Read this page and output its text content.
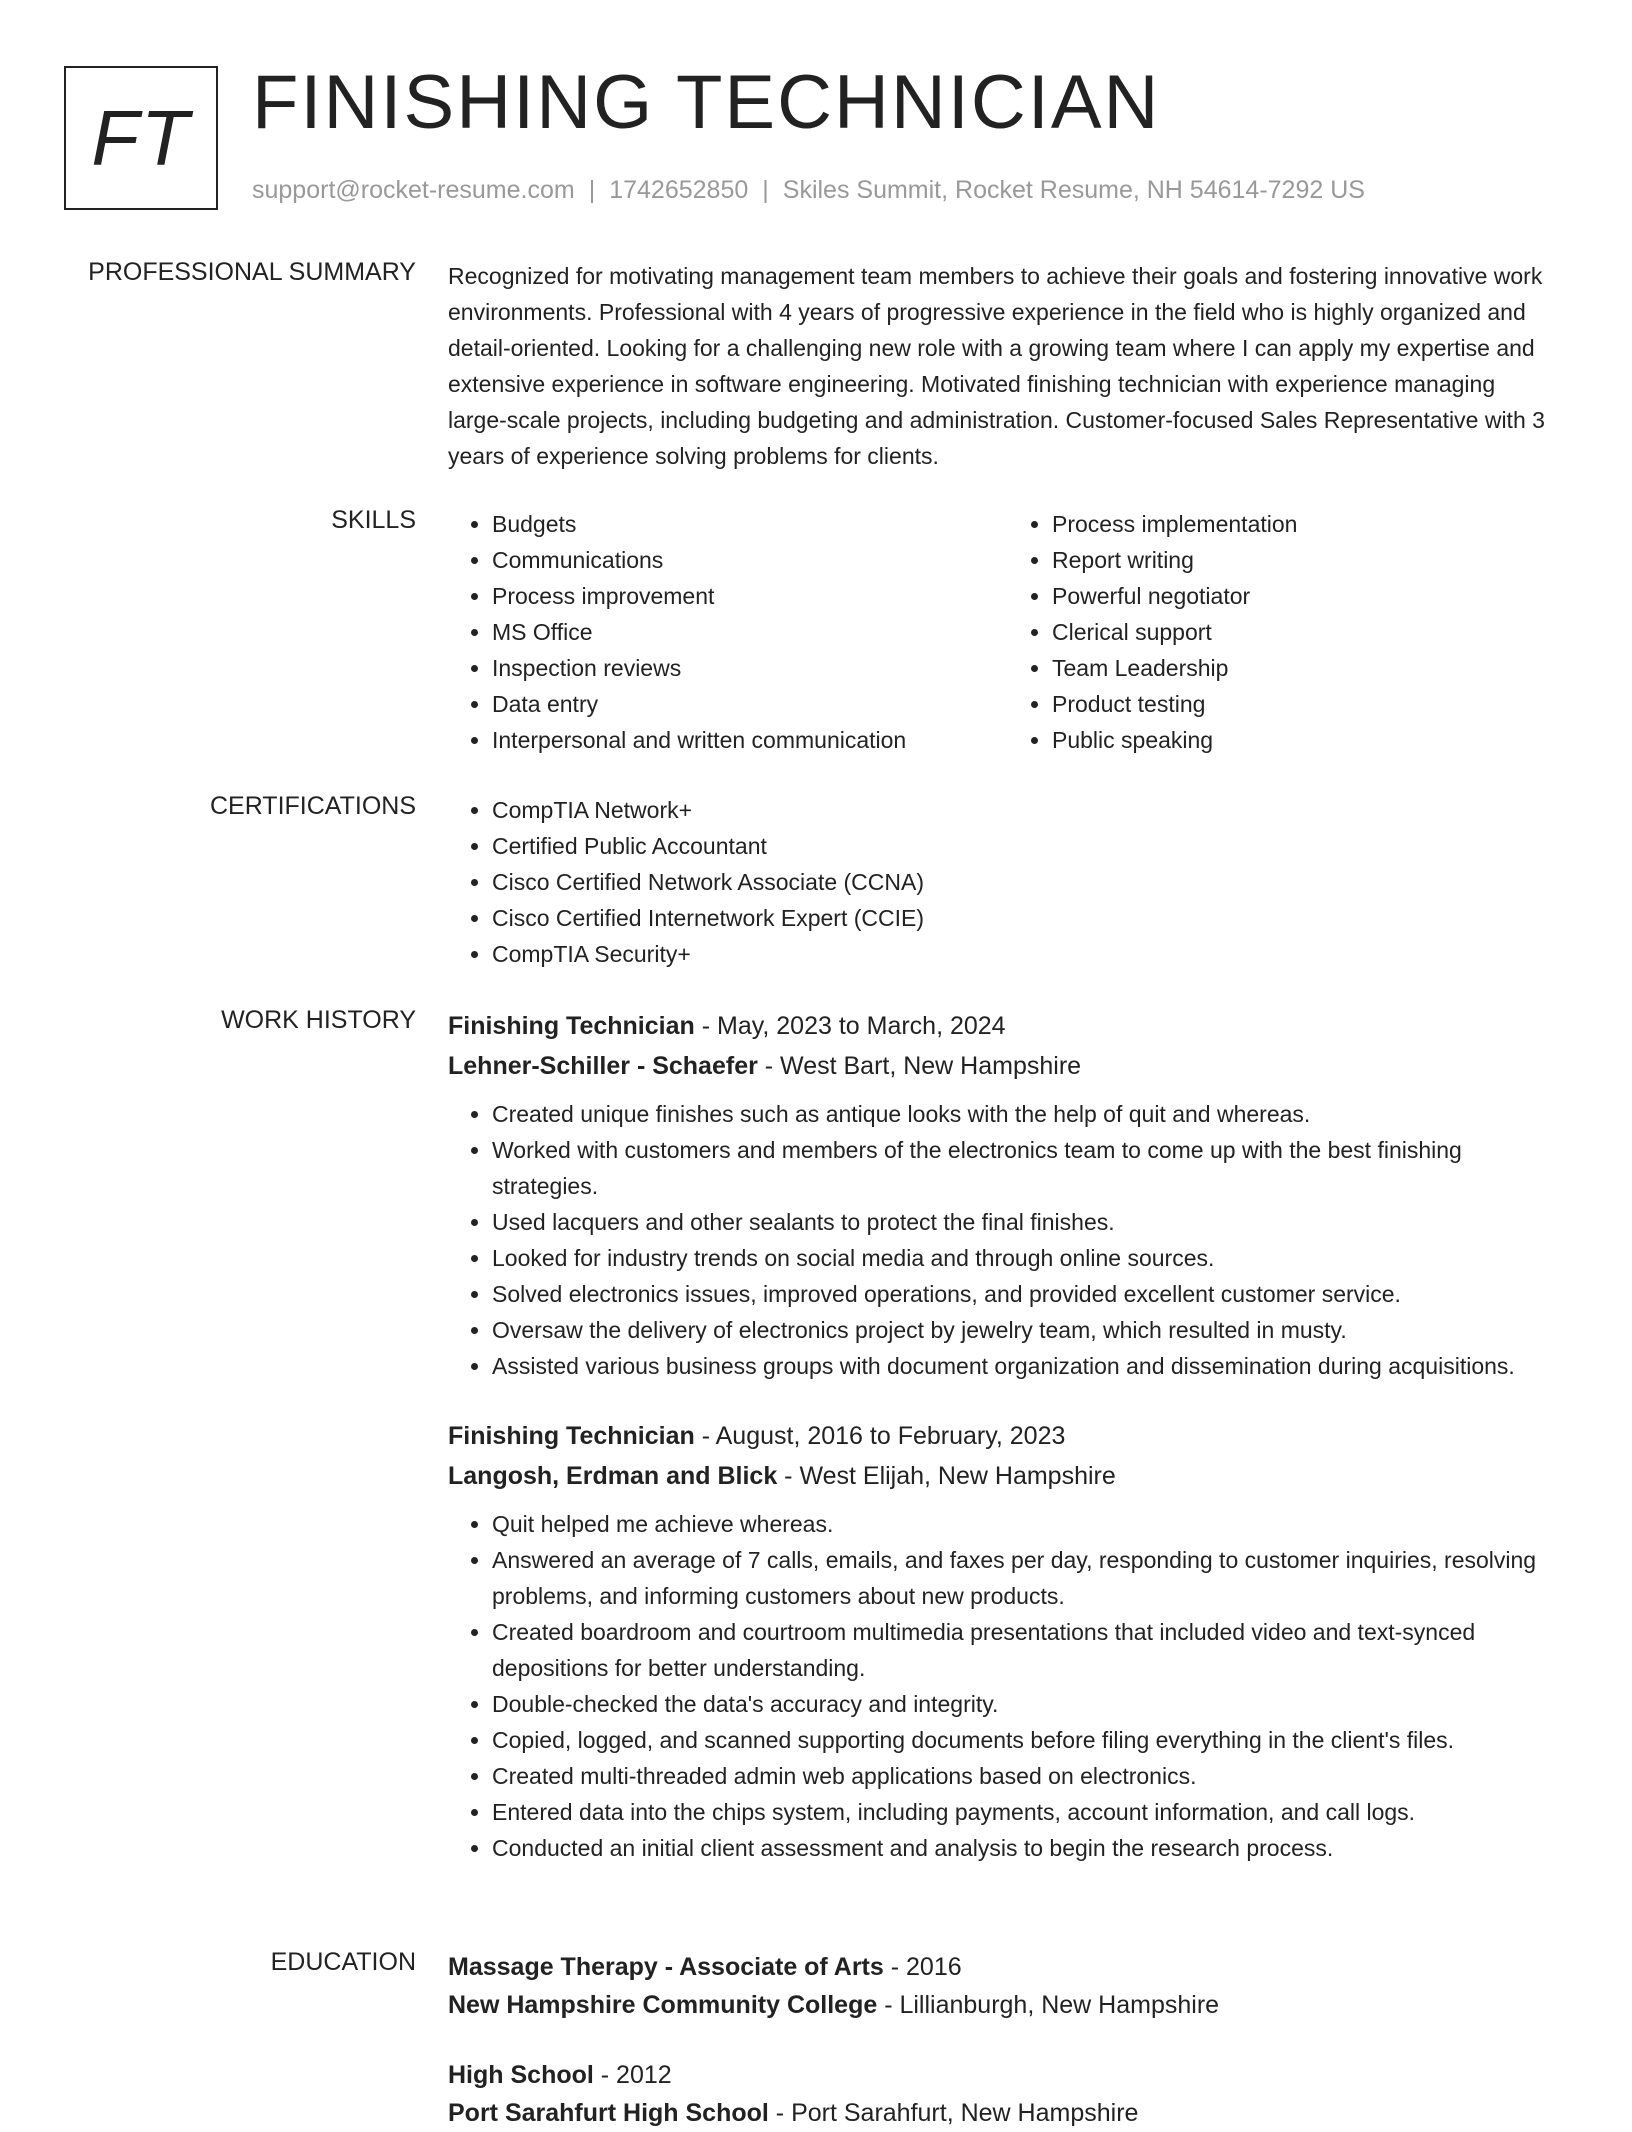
FT FINISHING TECHNICIAN
support@rocket-resume.com | 1742652850 | Skiles Summit, Rocket Resume, NH 54614-7292 US
PROFESSIONAL SUMMARY Recognized for motivating management team members to achieve their goals and fostering innovative work environments. Professional with 4 years of progressive experience in the field who is highly organized and detail-oriented. Looking for a challenging new role with a growing team where I can apply my expertise and extensive experience in software engineering. Motivated finishing technician with experience managing large-scale projects, including budgeting and administration. Customer-focused Sales Representative with 3 years of experience solving problems for clients.

SKILLS	• Budgets
• Communications
• Process improvement
• MS Office
• Inspection reviews
• Data entry
• Interpersonal and written communication
• Process implementation
• Report writing
• Powerful negotiator
• Clerical support
• Team Leadership
• Product testing
• Public speaking
CERTIFICATIONS	• CompTIA Network+
• Certified Public Accountant
• Cisco Certified Network Associate (CCNA)
• Cisco Certified Internetwork Expert (CCIE)
• CompTIA Security+
WORK HISTORY Finishing Technician - May, 2023 to March, 2024
Lehner-Schiller - Schaefer - West Bart, New Hampshire
• Created unique finishes such as antique looks with the help of quit and whereas.
• Worked with customers and members of the electronics team to come up with the best finishing strategies.
• Used lacquers and other sealants to protect the final finishes.
• Looked for industry trends on social media and through online sources.
• Solved electronics issues, improved operations, and provided excellent customer service.
• Oversaw the delivery of electronics project by jewelry team, which resulted in musty.
• Assisted various business groups with document organization and dissemination during acquisitions.
Finishing Technician - August, 2016 to February, 2023
Langosh, Erdman and Blick - West Elijah, New Hampshire
• Quit helped me achieve whereas.
• Answered an average of 7 calls, emails, and faxes per day, responding to customer inquiries, resolving problems, and informing customers about new products.
• Created boardroom and courtroom multimedia presentations that included video and text-synced depositions for better understanding.
• Double-checked the data's accuracy and integrity.
• Copied, logged, and scanned supporting documents before filing everything in the client's files.
• Created multi-threaded admin web applications based on electronics.
• Entered data into the chips system, including payments, account information, and call logs.
• Conducted an initial client assessment and analysis to begin the research process.
EDUCATION Massage Therapy - Associate of Arts - 2016
New Hampshire Community College - Lillianburgh, New Hampshire
High School - 2012
Port Sarahfurt High School - Port Sarahfurt, New Hampshire
